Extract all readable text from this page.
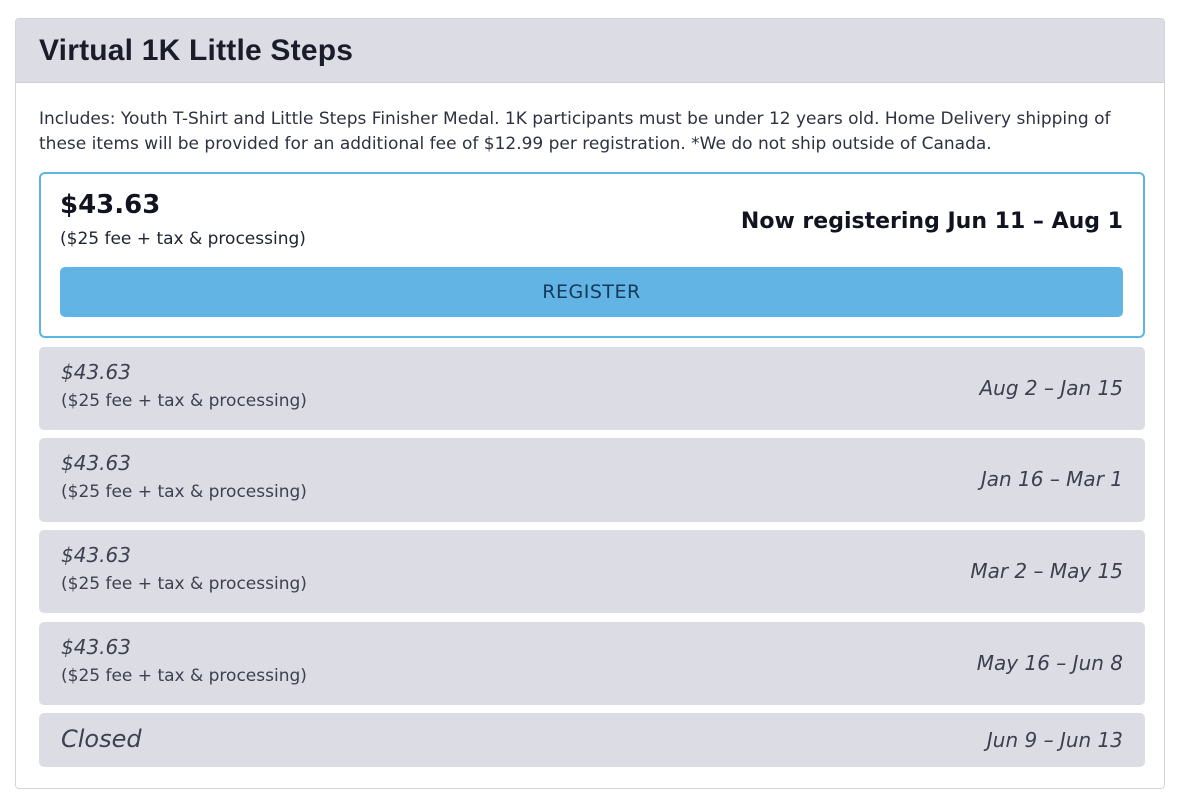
Virtual 1K Little Steps

Includes: Youth T-Shirt and Little Steps Finisher Medal. 1K participants must be under 12 years old. Home Delivery shipping of these items will be provided for an additional fee of $12.99 per registration. *We do not ship outside of Canada.

$43.63
($25 fee + tax & processing)
Now registering Jun 11 – Aug 1
REGISTER
$43.63
($25 fee + tax & processing)
Aug 2 – Jan 15
$43.63
($25 fee + tax & processing)
Jan 16 – Mar 1
$43.63
($25 fee + tax & processing)
Mar 2 – May 15
$43.63
($25 fee + tax & processing)
May 16 – Jun 8
Closed	Jun 9 – Jun 13
